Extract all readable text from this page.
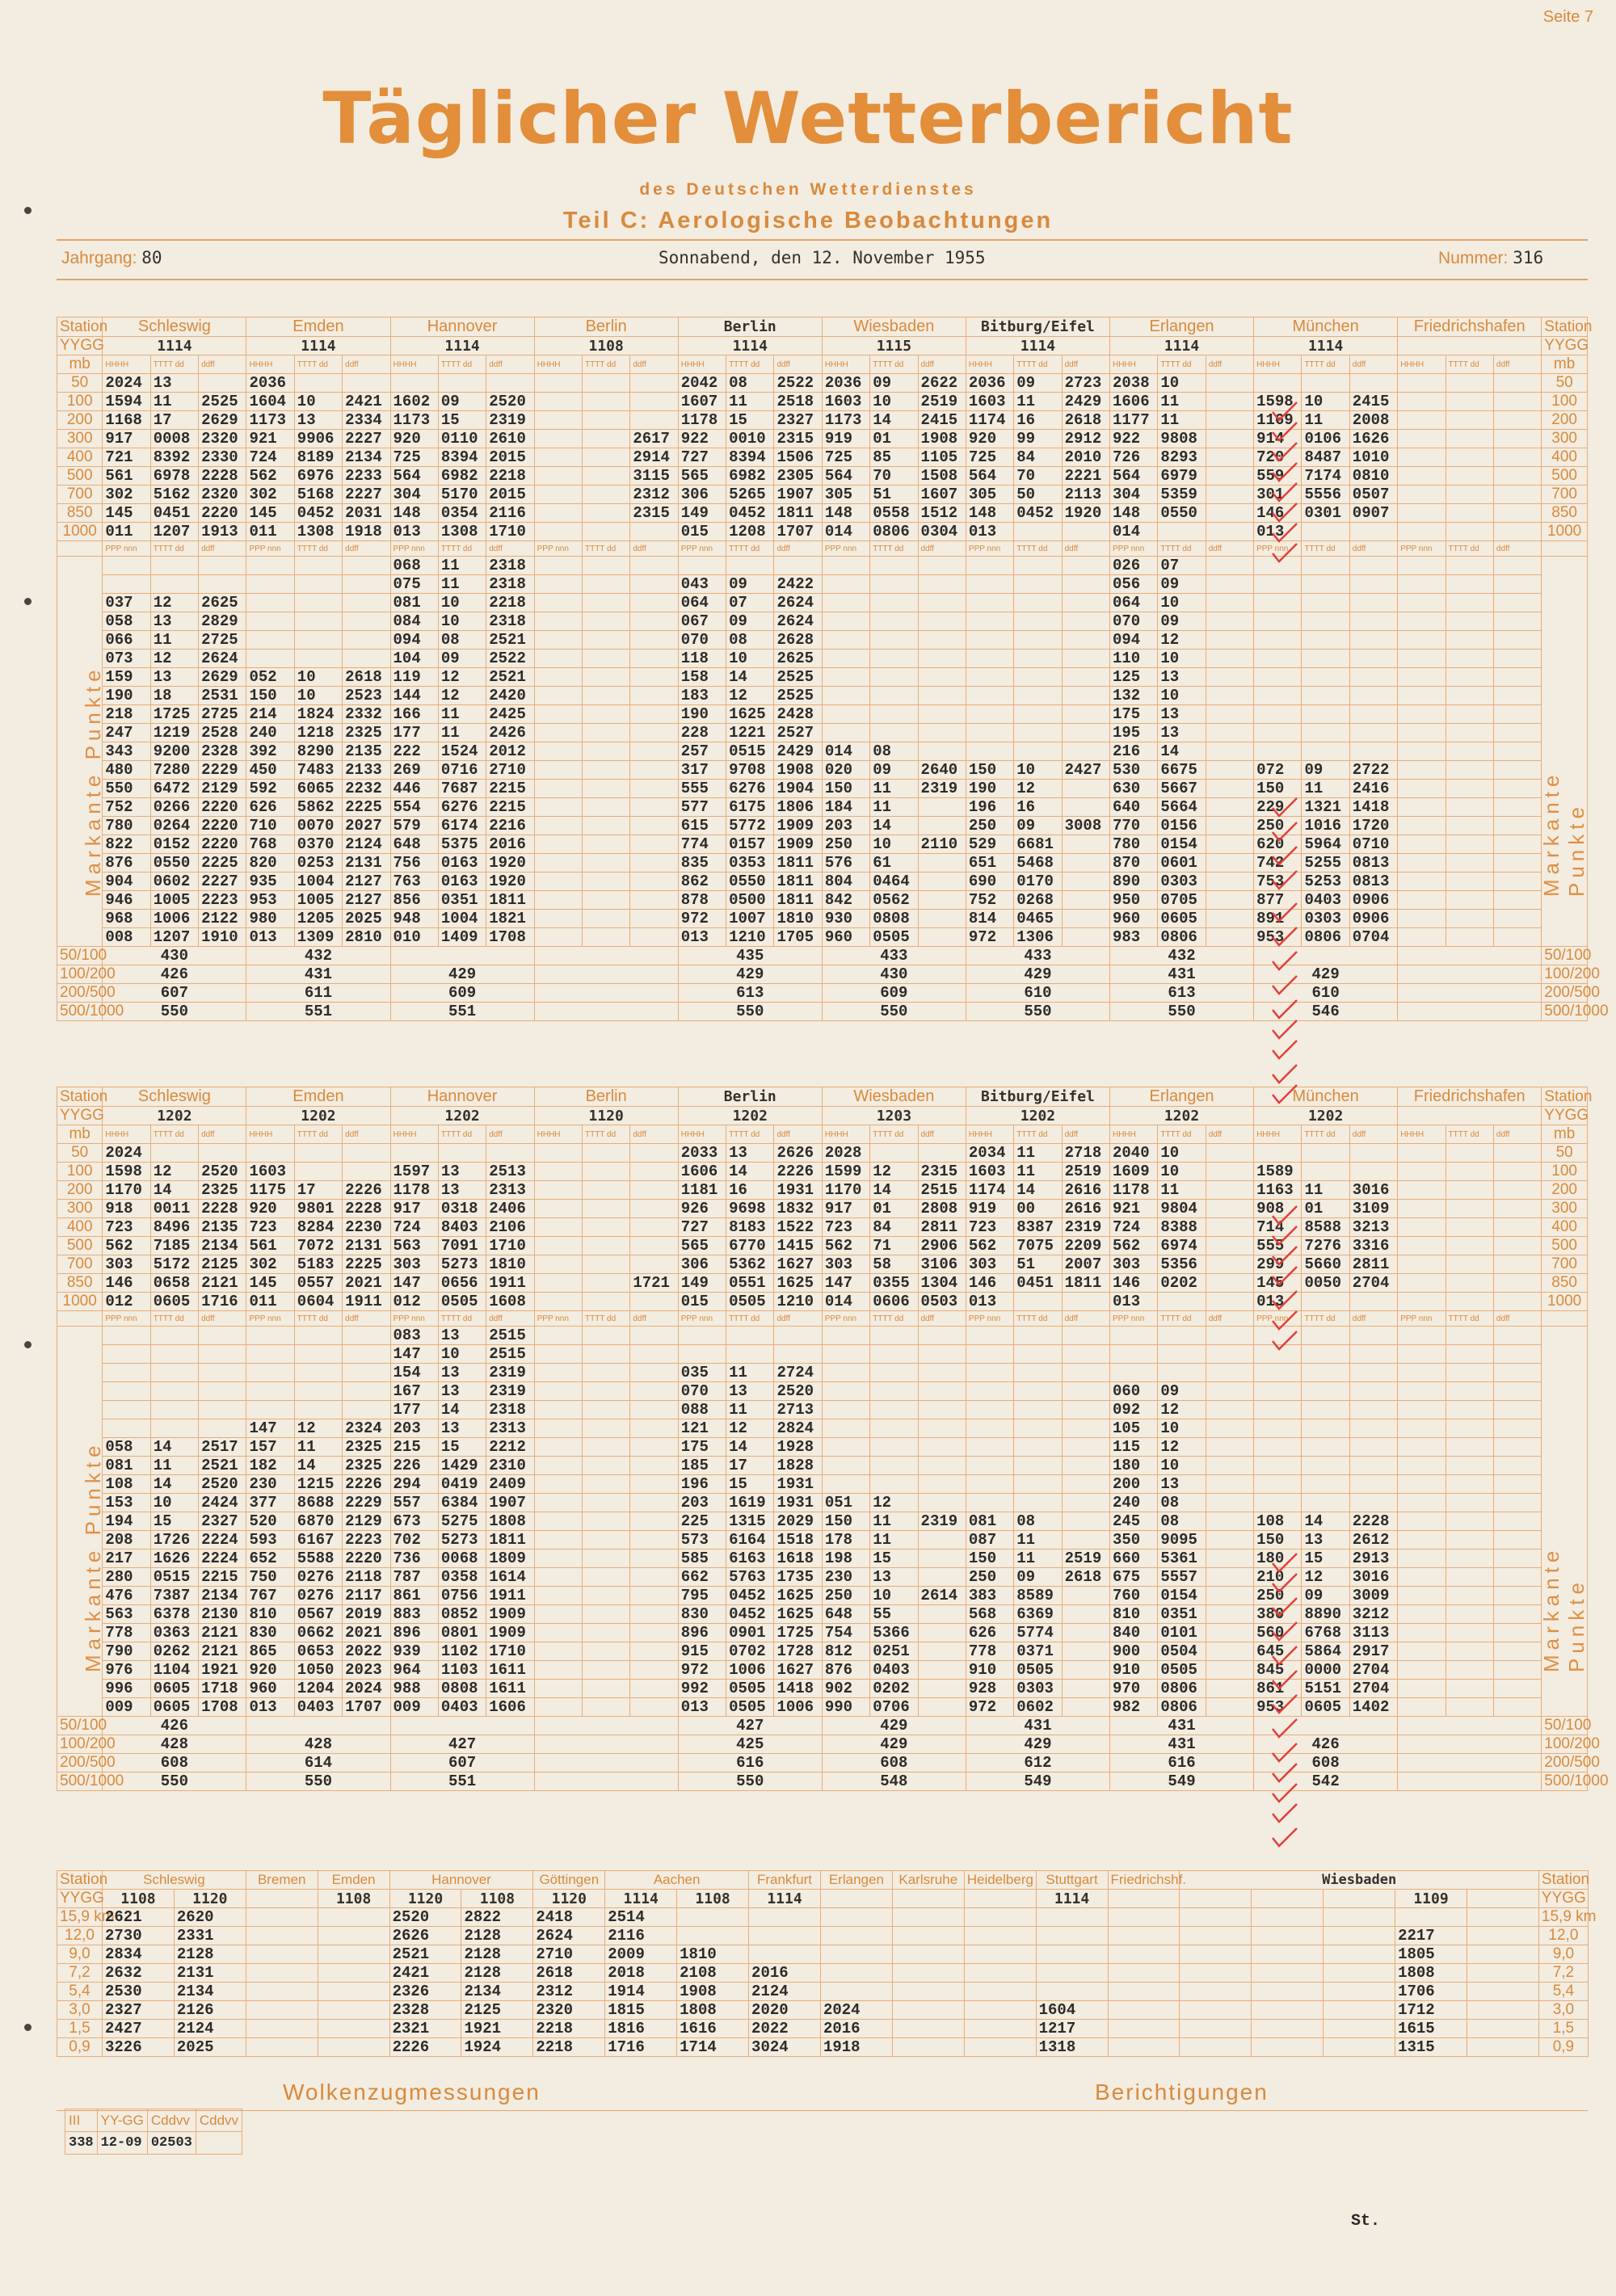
Seite 7
Täglicher Wetterbericht
des Deutschen Wetterdienstes
Teil C: Aerologische Beobachtungen
Jahrgang: 80	Sonnabend, den 12. November 1955	Nummer: 316
Station	Schleswig			Emden			Hannover			Berlin			Berlin			Wiesbaden			Bitburg/Eifel			Erlangen			München			Friedrichshafen			Station
YYGG	1114			1114			1114			1108			1114			1115			1114			1114			1114						YYGG
mb	HHHH	TTTT dd	ddff	HHHH	TTTT dd	ddff	HHHH	TTTT dd	ddff	HHHH	TTTT dd	ddff	HHHH	TTTT dd	ddff	HHHH	TTTT dd	ddff	HHHH	TTTT dd	ddff	HHHH	TTTT dd	ddff	HHHH	TTTT dd	ddff	HHHH	TTTT dd	ddff	mb
50	2024	13		2036									2042	08	2522	2036	09	2622	2036	09	2723	2038	10								50
100	1594	11	2525	1604	10	2421	1602	09	2520				1607	11	2518	1603	10	2519	1603	11	2429	1606	11		1598	10	2415				100
200	1168	17	2629	1173	13	2334	1173	15	2319				1178	15	2327	1173	14	2415	1174	16	2618	1177	11		1169	11	2008				200
300	917	0008	2320	921	9906	2227	920	0110	2610			2617	922	0010	2315	919	01	1908	920	99	2912	922	9808		914	0106	1626				300
400	721	8392	2330	724	8189	2134	725	8394	2015			2914	727	8394	1506	725	85	1105	725	84	2010	726	8293		720	8487	1010				400
500	561	6978	2228	562	6976	2233	564	6982	2218			3115	565	6982	2305	564	70	1508	564	70	2221	564	6979		559	7174	0810				500
700	302	5162	2320	302	5168	2227	304	5170	2015			2312	306	5265	1907	305	51	1607	305	50	2113	304	5359		301	5556	0507				700
850	145	0451	2220	145	0452	2031	148	0354	2116			2315	149	0452	1811	148	0558	1512	148	0452	1920	148	0550		146	0301	0907				850
1000	011	1207	1913	011	1308	1918	013	1308	1710				015	1208	1707	014	0806	0304	013			014			013						1000
	PPP nnn	TTTT dd	ddff	PPP nnn	TTTT dd	ddff	PPP nnn	TTTT dd	ddff	PPP nnn	TTTT dd	ddff	PPP nnn	TTTT dd	ddff	PPP nnn	TTTT dd	ddff	PPP nnn	TTTT dd	ddff	PPP nnn	TTTT dd	ddff	PPP nnn	TTTT dd	ddff	PPP nnn	TTTT dd	ddff	
							068	11	2318													026	07								
							075	11	2318				043	09	2422							056	09								
	037	12	2625				081	10	2218				064	07	2624							064	10								
	058	13	2829				084	10	2318				067	09	2624							070	09								
	066	11	2725				094	08	2521				070	08	2628							094	12								
	073	12	2624				104	09	2522				118	10	2625							110	10								
	159	13	2629	052	10	2618	119	12	2521				158	14	2525							125	13								
	190	18	2531	150	10	2523	144	12	2420				183	12	2525							132	10								
	218	1725	2725	214	1824	2332	166	11	2425				190	1625	2428							175	13								
	247	1219	2528	240	1218	2325	177	11	2426				228	1221	2527							195	13								
	343	9200	2328	392	8290	2135	222	1524	2012				257	0515	2429	014	08					216	14								
	480	7280	2229	450	7483	2133	269	0716	2710				317	9708	1908	020	09	2640	150	10	2427	530	6675		072	09	2722				
	550	6472	2129	592	6065	2232	446	7687	2215				555	6276	1904	150	11	2319	190	12		630	5667		150	11	2416				
	752	0266	2220	626	5862	2225	554	6276	2215				577	6175	1806	184	11		196	16		640	5664		229	1321	1418				
	780	0264	2220	710	0070	2027	579	6174	2216				615	5772	1909	203	14		250	09	3008	770	0156		250	1016	1720				
	822	0152	2220	768	0370	2124	648	5375	2016				774	0157	1909	250	10	2110	529	6681		780	0154		620	5964	0710				
	876	0550	2225	820	0253	2131	756	0163	1920				835	0353	1811	576	61		651	5468		870	0601		742	5255	0813				
	904	0602	2227	935	1004	2127	763	0163	1920				862	0550	1811	804	0464		690	0170		890	0303		753	5253	0813				
	946	1005	2223	953	1005	2127	856	0351	1811				878	0500	1811	842	0562		752	0268		950	0705		877	0403	0906				
	968	1006	2122	980	1205	2025	948	1004	1821				972	1007	1810	930	0808		814	0465		960	0605		891	0303	0906				
	008	1207	1910	013	1309	2810	010	1409	1708				013	1210	1705	960	0505		972	1306		983	0806		953	0806	0704				
50/100	430			432									435			433			433			432									50/100
100/200	426			431			429						429			430			429			431			429						100/200
200/500	607			611			609						613			609			610			613			610						200/500
500/1000	550			551			551						550			550			550			550			546						500/1000
Station	Schleswig			Emden			Hannover			Berlin			Berlin			Wiesbaden			Bitburg/Eifel			Erlangen			München			Friedrichshafen			Station
YYGG	1202			1202			1202			1120			1202			1203			1202			1202			1202						YYGG
mb	HHHH	TTTT dd	ddff	HHHH	TTTT dd	ddff	HHHH	TTTT dd	ddff	HHHH	TTTT dd	ddff	HHHH	TTTT dd	ddff	HHHH	TTTT dd	ddff	HHHH	TTTT dd	ddff	HHHH	TTTT dd	ddff	HHHH	TTTT dd	ddff	HHHH	TTTT dd	ddff	mb
50	2024												2033	13	2626	2028			2034	11	2718	2040	10								50
100	1598	12	2520	1603			1597	13	2513				1606	14	2226	1599	12	2315	1603	11	2519	1609	10		1589						100
200	1170	14	2325	1175	17	2226	1178	13	2313				1181	16	1931	1170	14	2515	1174	14	2616	1178	11		1163	11	3016				200
300	918	0011	2228	920	9801	2228	917	0318	2406				926	9698	1832	917	01	2808	919	00	2616	921	9804		908	01	3109				300
400	723	8496	2135	723	8284	2230	724	8403	2106				727	8183	1522	723	84	2811	723	8387	2319	724	8388		714	8588	3213				400
500	562	7185	2134	561	7072	2131	563	7091	1710				565	6770	1415	562	71	2906	562	7075	2209	562	6974		555	7276	3316				500
700	303	5172	2125	302	5183	2225	303	5273	1810				306	5362	1627	303	58	3106	303	51	2007	303	5356		299	5660	2811				700
850	146	0658	2121	145	0557	2021	147	0656	1911			1721	149	0551	1625	147	0355	1304	146	0451	1811	146	0202		145	0050	2704				850
1000	012	0605	1716	011	0604	1911	012	0505	1608				015	0505	1210	014	0606	0503	013			013			013						1000
	PPP nnn	TTTT dd	ddff	PPP nnn	TTTT dd	ddff	PPP nnn	TTTT dd	ddff	PPP nnn	TTTT dd	ddff	PPP nnn	TTTT dd	ddff	PPP nnn	TTTT dd	ddff	PPP nnn	TTTT dd	ddff	PPP nnn	TTTT dd	ddff	PPP nnn	TTTT dd	ddff	PPP nnn	TTTT dd	ddff	
							083	13	2515																						
							147	10	2515																						
							154	13	2319				035	11	2724																
							167	13	2319				070	13	2520							060	09								
							177	14	2318				088	11	2713							092	12								
				147	12	2324	203	13	2313				121	12	2824							105	10								
	058	14	2517	157	11	2325	215	15	2212				175	14	1928							115	12								
	081	11	2521	182	14	2325	226	1429	2310				185	17	1828							180	10								
	108	14	2520	230	1215	2226	294	0419	2409				196	15	1931							200	13								
	153	10	2424	377	8688	2229	557	6384	1907				203	1619	1931	051	12					240	08								
	194	15	2327	520	6870	2129	673	5275	1808				225	1315	2029	150	11	2319	081	08		245	08		108	14	2228				
	208	1726	2224	593	6167	2223	702	5273	1811				573	6164	1518	178	11		087	11		350	9095		150	13	2612				
	217	1626	2224	652	5588	2220	736	0068	1809				585	6163	1618	198	15		150	11	2519	660	5361		180	15	2913				
	280	0515	2215	750	0276	2118	787	0358	1614				662	5763	1735	230	13		250	09	2618	675	5557		210	12	3016				
	476	7387	2134	767	0276	2117	861	0756	1911				795	0452	1625	250	10	2614	383	8589		760	0154		250	09	3009				
	563	6378	2130	810	0567	2019	883	0852	1909				830	0452	1625	648	55		568	6369		810	0351		380	8890	3212				
	778	0363	2121	830	0662	2021	896	0801	1909				896	0901	1725	754	5366		626	5774		840	0101		560	6768	3113				
	790	0262	2121	865	0653	2022	939	1102	1710				915	0702	1728	812	0251		778	0371		900	0504		645	5864	2917				
	976	1104	1921	920	1050	2023	964	1103	1611				972	1006	1627	876	0403		910	0505		910	0505		845	0000	2704				
	996	0605	1718	960	1204	2024	988	0808	1611				992	0505	1418	902	0202		928	0303		970	0806		861	5151	2704				
	009	0605	1708	013	0403	1707	009	0403	1606				013	0505	1006	990	0706		972	0602		982	0806		953	0605	1402				
50/100	426												427			429			431			431									50/100
100/200	428			428			427						425			429			429			431			426						100/200
200/500	608			614			607						616			608			612			616			608						200/500
500/1000	550			550			551						550			548			549			549			542						500/1000
Station	Schleswig		Bremen	Emden	Hannover		Göttingen	Aachen		Frankfurt	Erlangen	Karlsruhe	Heidelberg	Stuttgart	Friedrichshf.	Wiesbaden					Station
YYGG	1108	1120		1108	1120	1108	1120	1114	1108	1114				1114					1109		YYGG
15,9 km	2621	2620			2520	2822	2418	2514													15,9 km
12,0	2730	2331			2626	2128	2624	2116											2217		12,0
9,0	2834	2128			2521	2128	2710	2009	1810										1805		9,0
7,2	2632	2131			2421	2128	2618	2018	2108	2016									1808		7,2
5,4	2530	2134			2326	2134	2312	1914	1908	2124									1706		5,4
3,0	2327	2126			2328	2125	2320	1815	1808	2020	2024			1604					1712		3,0
1,5	2427	2124			2321	1921	2218	1816	1616	2022	2016			1217					1615		1,5
0,9	3226	2025			2226	1924	2218	1716	1714	3024	1918			1318					1315		0,9
Markante Punkte	Markante Punkte
Markante Punkte	Markante Punkte
Wolkenzugmessungen	Berichtigungen
III	YY-GG	Cddvv	Cddvv
338	12-09	02503	
St.
